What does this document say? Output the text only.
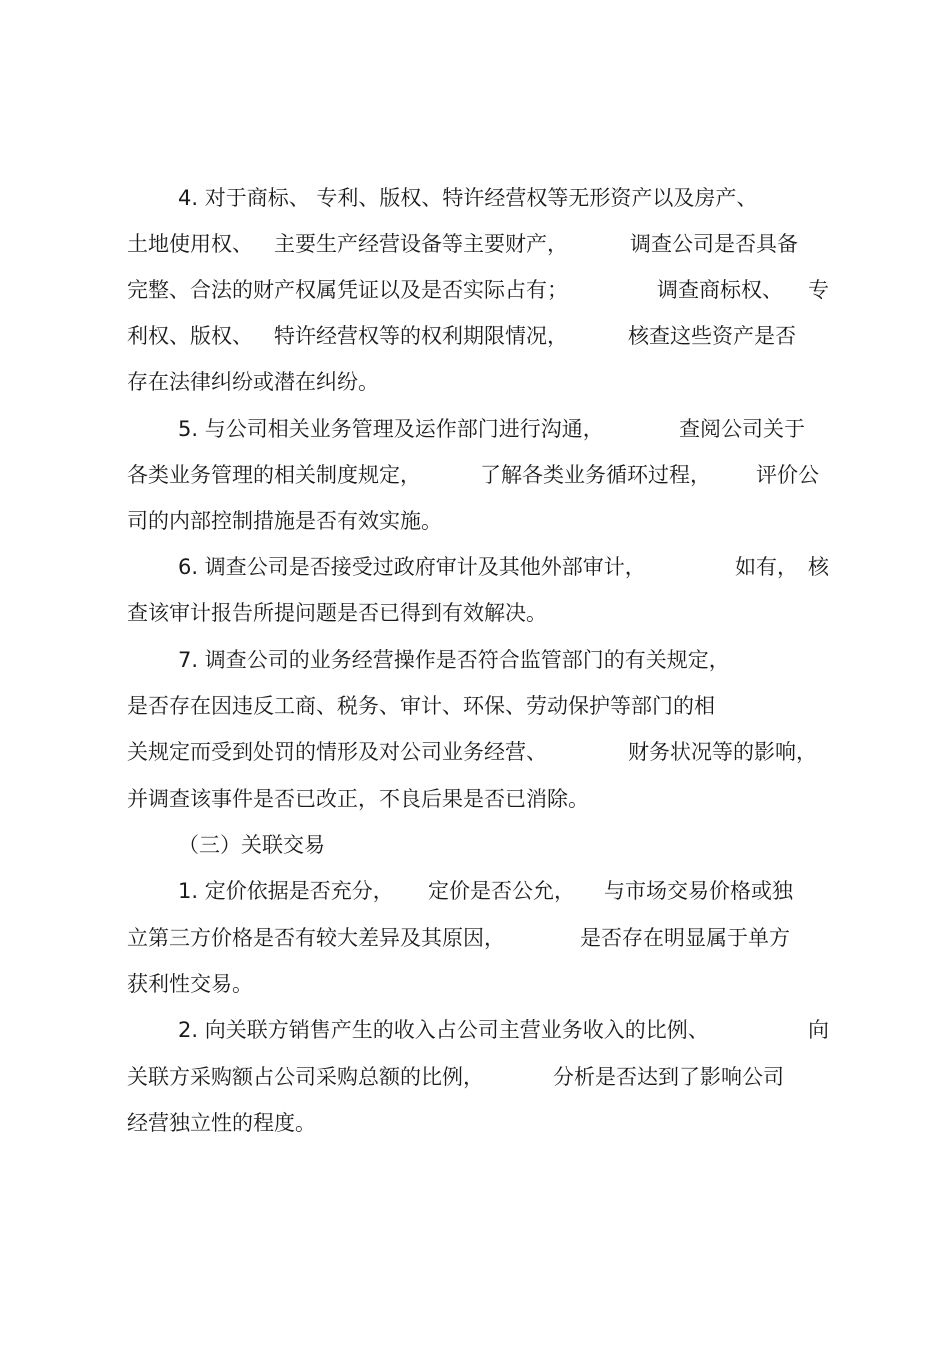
4. 对于商标、 专利、版权、特许经营权等无形资产以及房产、
土地使用权、 主要生产经营设备等主要财产，	调查公司是否具备
完整、合法的财产权属凭证以及是否实际占有；	调查商标权、 专
利权、版权、 特许经营权等的权利期限情况，	核查这些资产是否
存在法律纠纷或潜在纠纷。
5. 与公司相关业务管理及运作部门进行沟通，	查阅公司关于
各类业务管理的相关制度规定，	了解各类业务循环过程， 评价公
司的内部控制措施是否有效实施。
6. 调查公司是否接受过政府审计及其他外部审计，	如有， 核
查该审计报告所提问题是否已得到有效解决。
7. 调查公司的业务经营操作是否符合监管部门的有关规定，
是否存在因违反工商、税务、审计、环保、劳动保护等部门的相
关规定而受到处罚的情形及对公司业务经营、	财务状况等的影响，
并调查该事件是否已改正，不良后果是否已消除。
（三）关联交易
1. 定价依据是否充分， 定价是否公允， 与市场交易价格或独
立第三方价格是否有较大差异及其原因，	是否存在明显属于单方
获利性交易。
2. 向关联方销售产生的收入占公司主营业务收入的比例、	向
关联方采购额占公司采购总额的比例，	分析是否达到了影响公司
经营独立性的程度。
